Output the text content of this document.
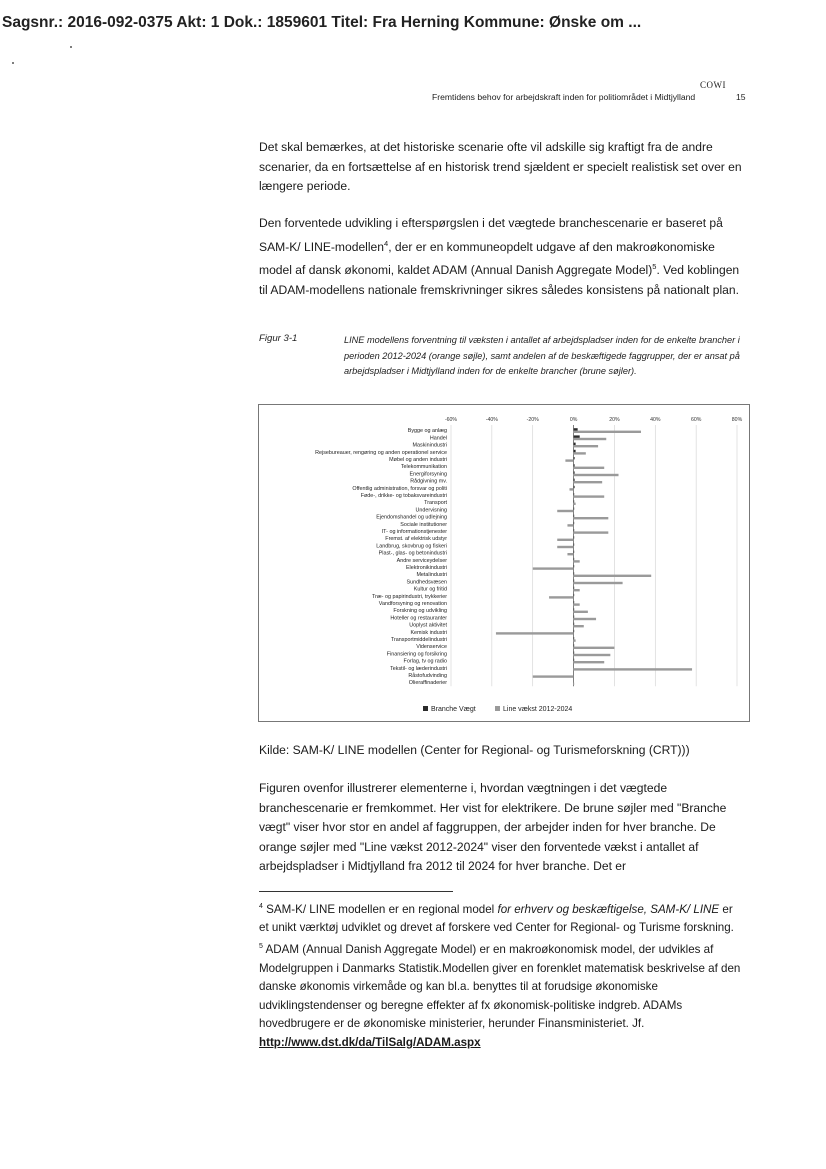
Sagsnr.: 2016-092-0375 Akt: 1 Dok.: 1859601 Titel: Fra Herning Kommune: Ønske om ...
COWI
Fremtidens behov for arbejdskraft inden for politiområdet i Midtjylland	15
Det skal bemærkes, at det historiske scenarie ofte vil adskille sig kraftigt fra de andre scenarier, da en fortsættelse af en historisk trend sjældent er specielt realistisk set over en længere periode.
Den forventede udvikling i efterspørgslen i det vægtede branchescenarie er baseret på SAM-K/ LINE-modellen$^4$, der er en kommuneopdelt udgave af den makroøkonomiske model af dansk økonomi, kaldet ADAM (Annual Danish Aggregate Model)$^5$. Ved koblingen til ADAM-modellens nationale fremskrivninger sikres således konsistens på nationalt plan.
Figur 3-1	LINE modellens forventning til væksten i antallet af arbejdspladser inden for de enkelte brancher i perioden 2012-2024 (orange søjle), samt andelen af de beskæftigede faggrupper, der er ansat på arbejdspladser i Midtjylland inden for de enkelte brancher (brune søjler).
-60%	-40%	-20%	0%	20%	40%	60%	80%
Bygge og anlæg
Handel
Maskinindustri
Rejsebureauer, rengøring og anden operationel service
Møbel og anden industri
Telekommunikation
Energiforsyning
Rådgivning mv.
Offentlig administration, forsvar og politi
Føde-, drikke- og tobaksvareindustri
Transport
Undervisning
Ejendomshandel og udlejning
Sociale institutioner
IT- og informationstjenester
Fremst. af elektrisk udstyr
Landbrug, skovbrug og fiskeri
Plast-, glas- og betonindustri
Andre serviceydelser
Elektronikindustri
Metalindustri
Sundhedsvæsen
Kultur og fritid
Træ- og papirindustri, trykkerier
Vandforsyning og renovation
Forskning og udvikling
Hoteller og restauranter
Uoplyst aktivitet
Kemisk industri
Transportmiddelindustri
Videnservice
Finansiering og forsikring
Forlag, tv og radio
Tekstil- og læderindustri
Råstofudvinding
Olieraffinaderier
Branche Vægt	Line vækst 2012-2024
Kilde: SAM-K/ LINE modellen (Center for Regional- og Turismeforskning (CRT)))
Figuren ovenfor illustrerer elementerne i, hvordan vægtningen i det vægtede branchescenarie er fremkommet. Her vist for elektrikere. De brune søjler med "Branche vægt" viser hvor stor en andel af faggruppen, der arbejder inden for hver branche. De orange søjler med "Line vækst 2012-2024" viser den forventede vækst i antallet af arbejdspladser i Midtjylland fra 2012 til 2024 for hver branche. Det er
$^4$ SAM-K/ LINE modellen er en regional model for erhverv og beskæftigelse, SAM-K/ LINE er et unikt værktøj udviklet og drevet af forskere ved Center for Regional- og Turisme forskning.
$^5$ ADAM (Annual Danish Aggregate Model) er en makroøkonomisk model, der udvikles af Modelgruppen i Danmarks Statistik.Modellen giver en forenklet matematisk beskrivelse af den danske økonomis virkemåde og kan bl.a. benyttes til at forudsige økonomiske udviklingstendenser og beregne effekter af fx økonomisk-politiske indgreb. ADAMs hovedbrugere er de økonomiske ministerier, herunder Finansministeriet. Jf. http://www.dst.dk/da/TilSalg/ADAM.aspx
